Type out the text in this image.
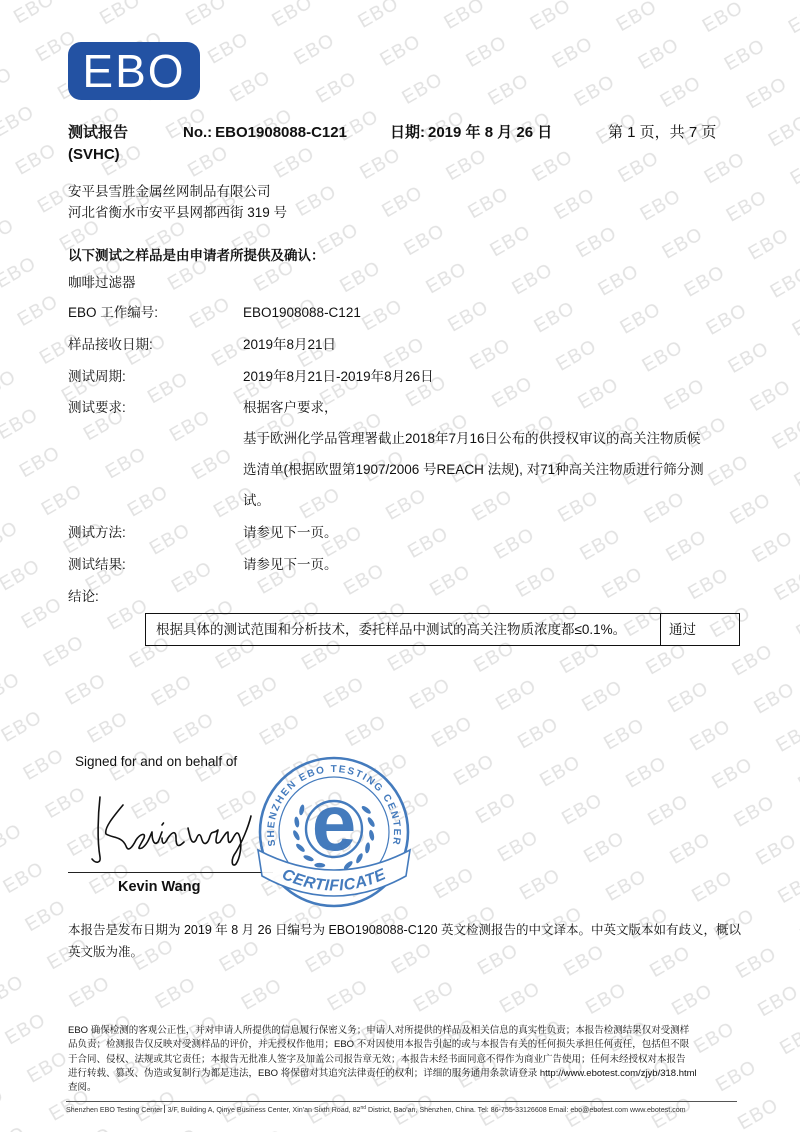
EBO
测试报告
(SVHC)
No.: EBO1908088-C121	日期: 2019 年 8 月 26 日	第 1 页，共 7 页
安平县雪胜金属丝网制品有限公司
河北省衡水市安平县网都西街 319 号
以下测试之样品是由申请者所提供及确认：
咖啡过滤器
EBO 工作编号:	EBO1908088-C121
样品接收日期:	2019年8月21日
测试周期:	2019年8月21日-2019年8月26日
测试要求:	根据客户要求，
基于欧洲化学品管理署截止2018年7月16日公布的供授权审议的高关注物质候
选清单(根据欧盟第1907/2006 号REACH 法规), 对71种高关注物质进行筛分测
试。
测试方法:	请参见下一页。
测试结果:	请参见下一页。
结论:
根据具体的测试范围和分析技术，委托样品中测试的高关注物质浓度都≤0.1%。	通过
Signed for and on behalf of
Kevin Wang
SHENZHEN EBO TESTING CENTER
e
CERTIFICATE
本报告是发布日期为 2019 年 8 月 26 日编号为 EBO1908088-C120 英文检测报告的中文译本。中英文版本如有歧义，概以
英文版为准。
EBO 确保检测的客观公正性，并对申请人所提供的信息履行保密义务；申请人对所提供的样品及相关信息的真实性负责；本报告检测结果仅对受测样
品负责；检测报告仅反映对受测样品的评价，并无授权作他用；EBO 不对因使用本报告引起的或与本报告有关的任何损失承担任何责任，包括但不限
于合同、侵权、法规或其它责任；本报告无批准人签字及加盖公司报告章无效；本报告未经书面同意不得作为商业广告使用；任何未经授权对本报告
进行转载、篡改、伪造或复制行为都是违法，EBO 将保留对其追究法律责任的权利；详细的服务通用条款请登录 http://www.ebotest.com/zjyb/318.html
查阅。
Shenzhen EBO Testing Center 3/F, Building A, Qinye Business Center, Xin'an Sixth Road, 82nd District, Bao'an, Shenzhen, China. Tel: 86-755-33126608 Email: ebo@ebotest.com www.ebotest.com
